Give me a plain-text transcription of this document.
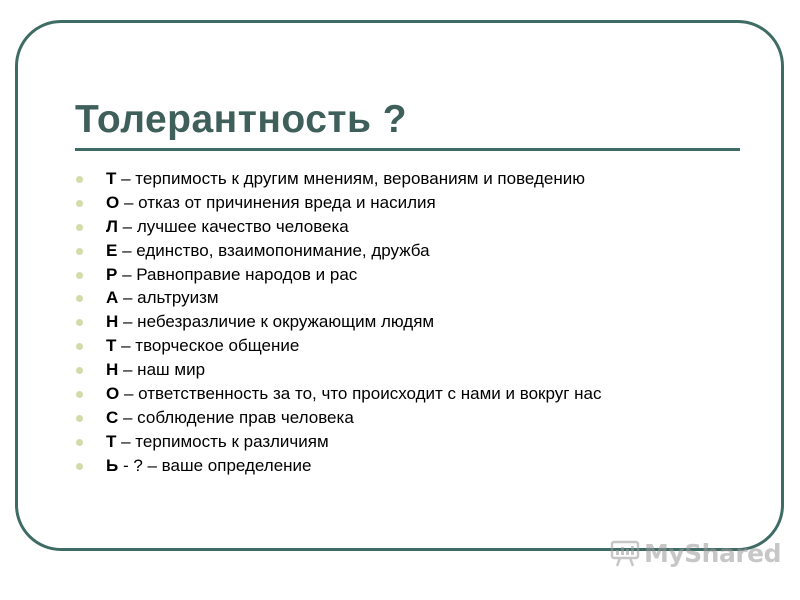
Толерантность ?
Т – терпимость к другим мнениям, верованиям и поведению
О – отказ от причинения вреда и насилия
Л – лучшее качество человека
Е – единство, взаимопонимание, дружба
Р – Равноправие народов и рас
А – альтруизм
Н – небезразличие к окружающим людям
Т – творческое общение
Н – наш мир
О – ответственность за то, что происходит с нами и вокруг нас
С – соблюдение прав человека
Т – терпимость к различиям
Ь - ? – ваше определение
MyShared
